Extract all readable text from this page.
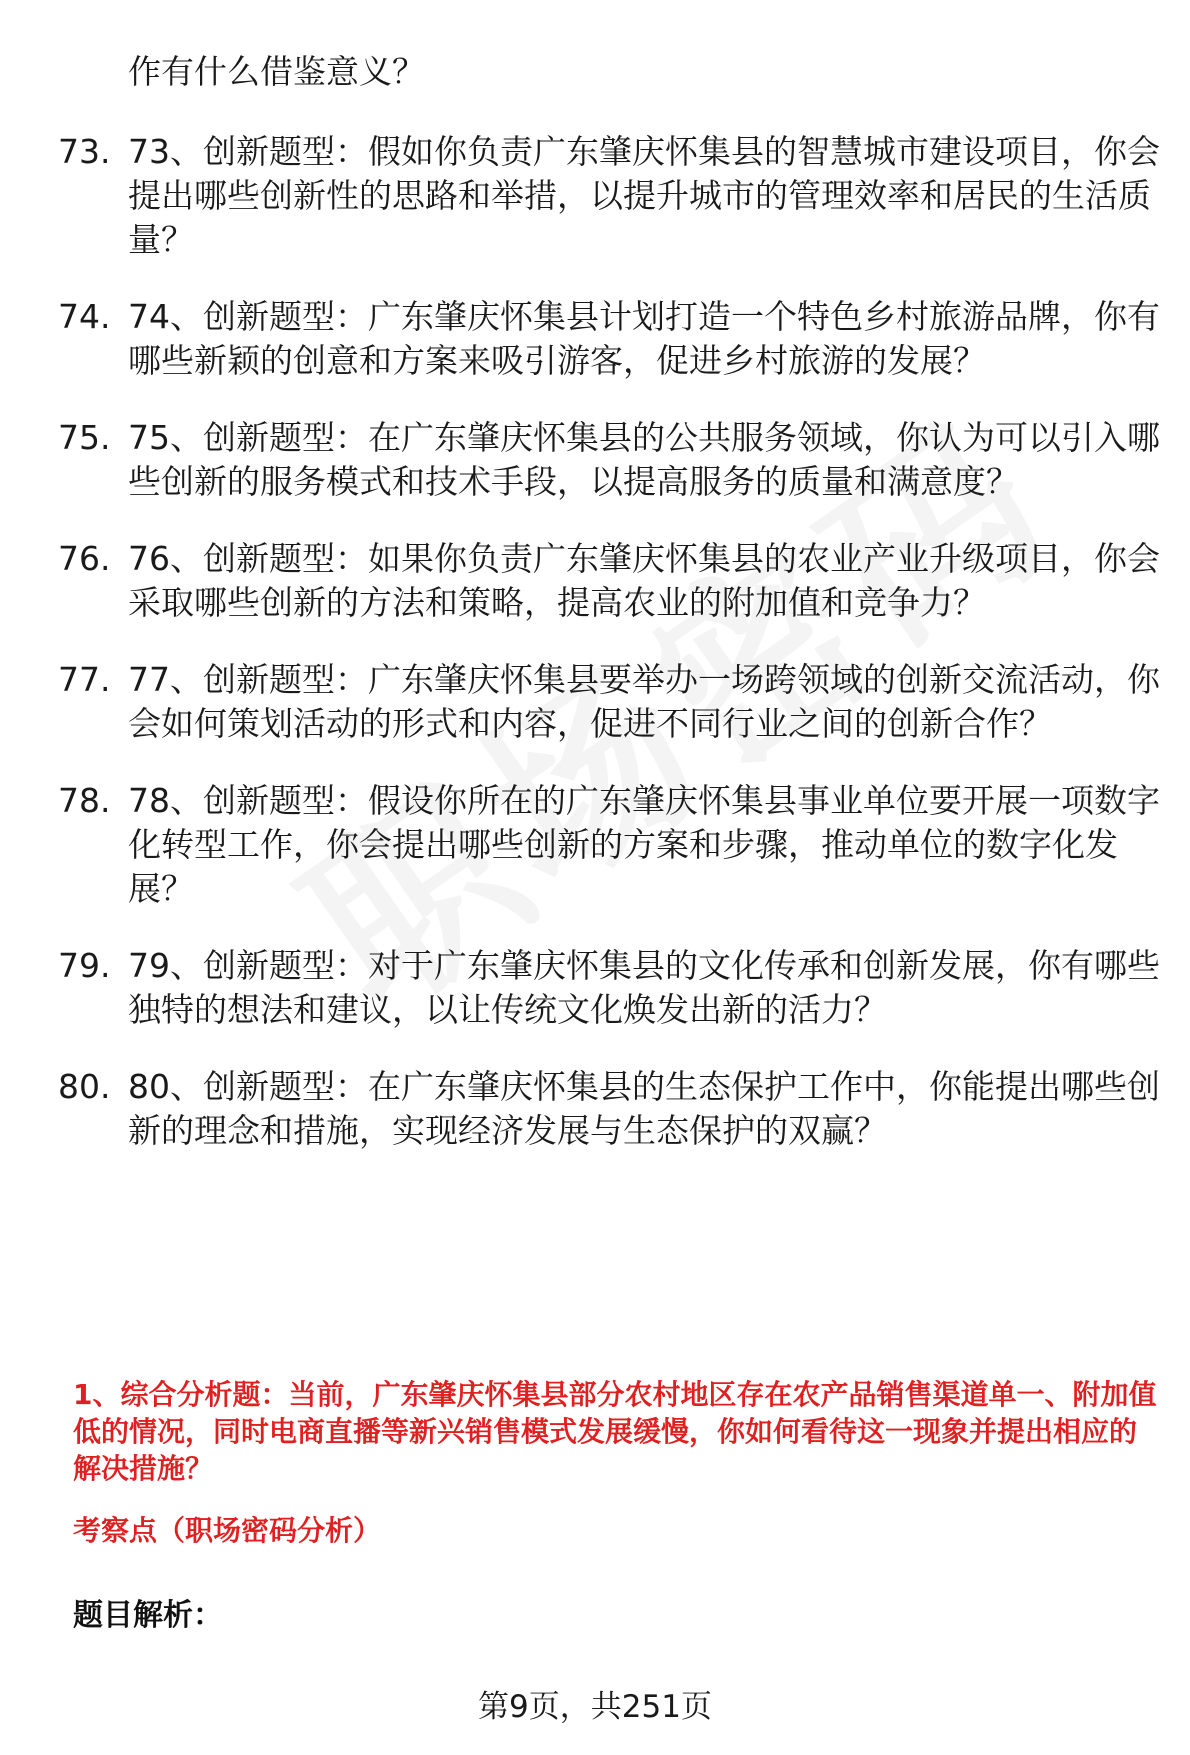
作有什么借鉴意义？
73. 73、创新题型：假如你负责广东肇庆怀集县的智慧城市建设项目，你会提出哪些创新性的思路和举措，以提升城市的管理效率和居民的生活质量？
74. 74、创新题型：广东肇庆怀集县计划打造一个特色乡村旅游品牌，你有哪些新颖的创意和方案来吸引游客，促进乡村旅游的发展？
75. 75、创新题型：在广东肇庆怀集县的公共服务领域，你认为可以引入哪些创新的服务模式和技术手段，以提高服务的质量和满意度？
76. 76、创新题型：如果你负责广东肇庆怀集县的农业产业升级项目，你会采取哪些创新的方法和策略，提高农业的附加值和竞争力？
77. 77、创新题型：广东肇庆怀集县要举办一场跨领域的创新交流活动，你会如何策划活动的形式和内容，促进不同行业之间的创新合作？
78. 78、创新题型：假设你所在的广东肇庆怀集县事业单位要开展一项数字化转型工作，你会提出哪些创新的方案和步骤，推动单位的数字化发展？
79. 79、创新题型：对于广东肇庆怀集县的文化传承和创新发展，你有哪些独特的想法和建议，以让传统文化焕发出新的活力？
80. 80、创新题型：在广东肇庆怀集县的生态保护工作中，你能提出哪些创新的理念和措施，实现经济发展与生态保护的双赢？
1、综合分析题：当前，广东肇庆怀集县部分农村地区存在农产品销售渠道单一、附加值低的情况，同时电商直播等新兴销售模式发展缓慢，你如何看待这一现象并提出相应的解决措施？
考察点（职场密码分析）
题目解析：
第9页，共251页
